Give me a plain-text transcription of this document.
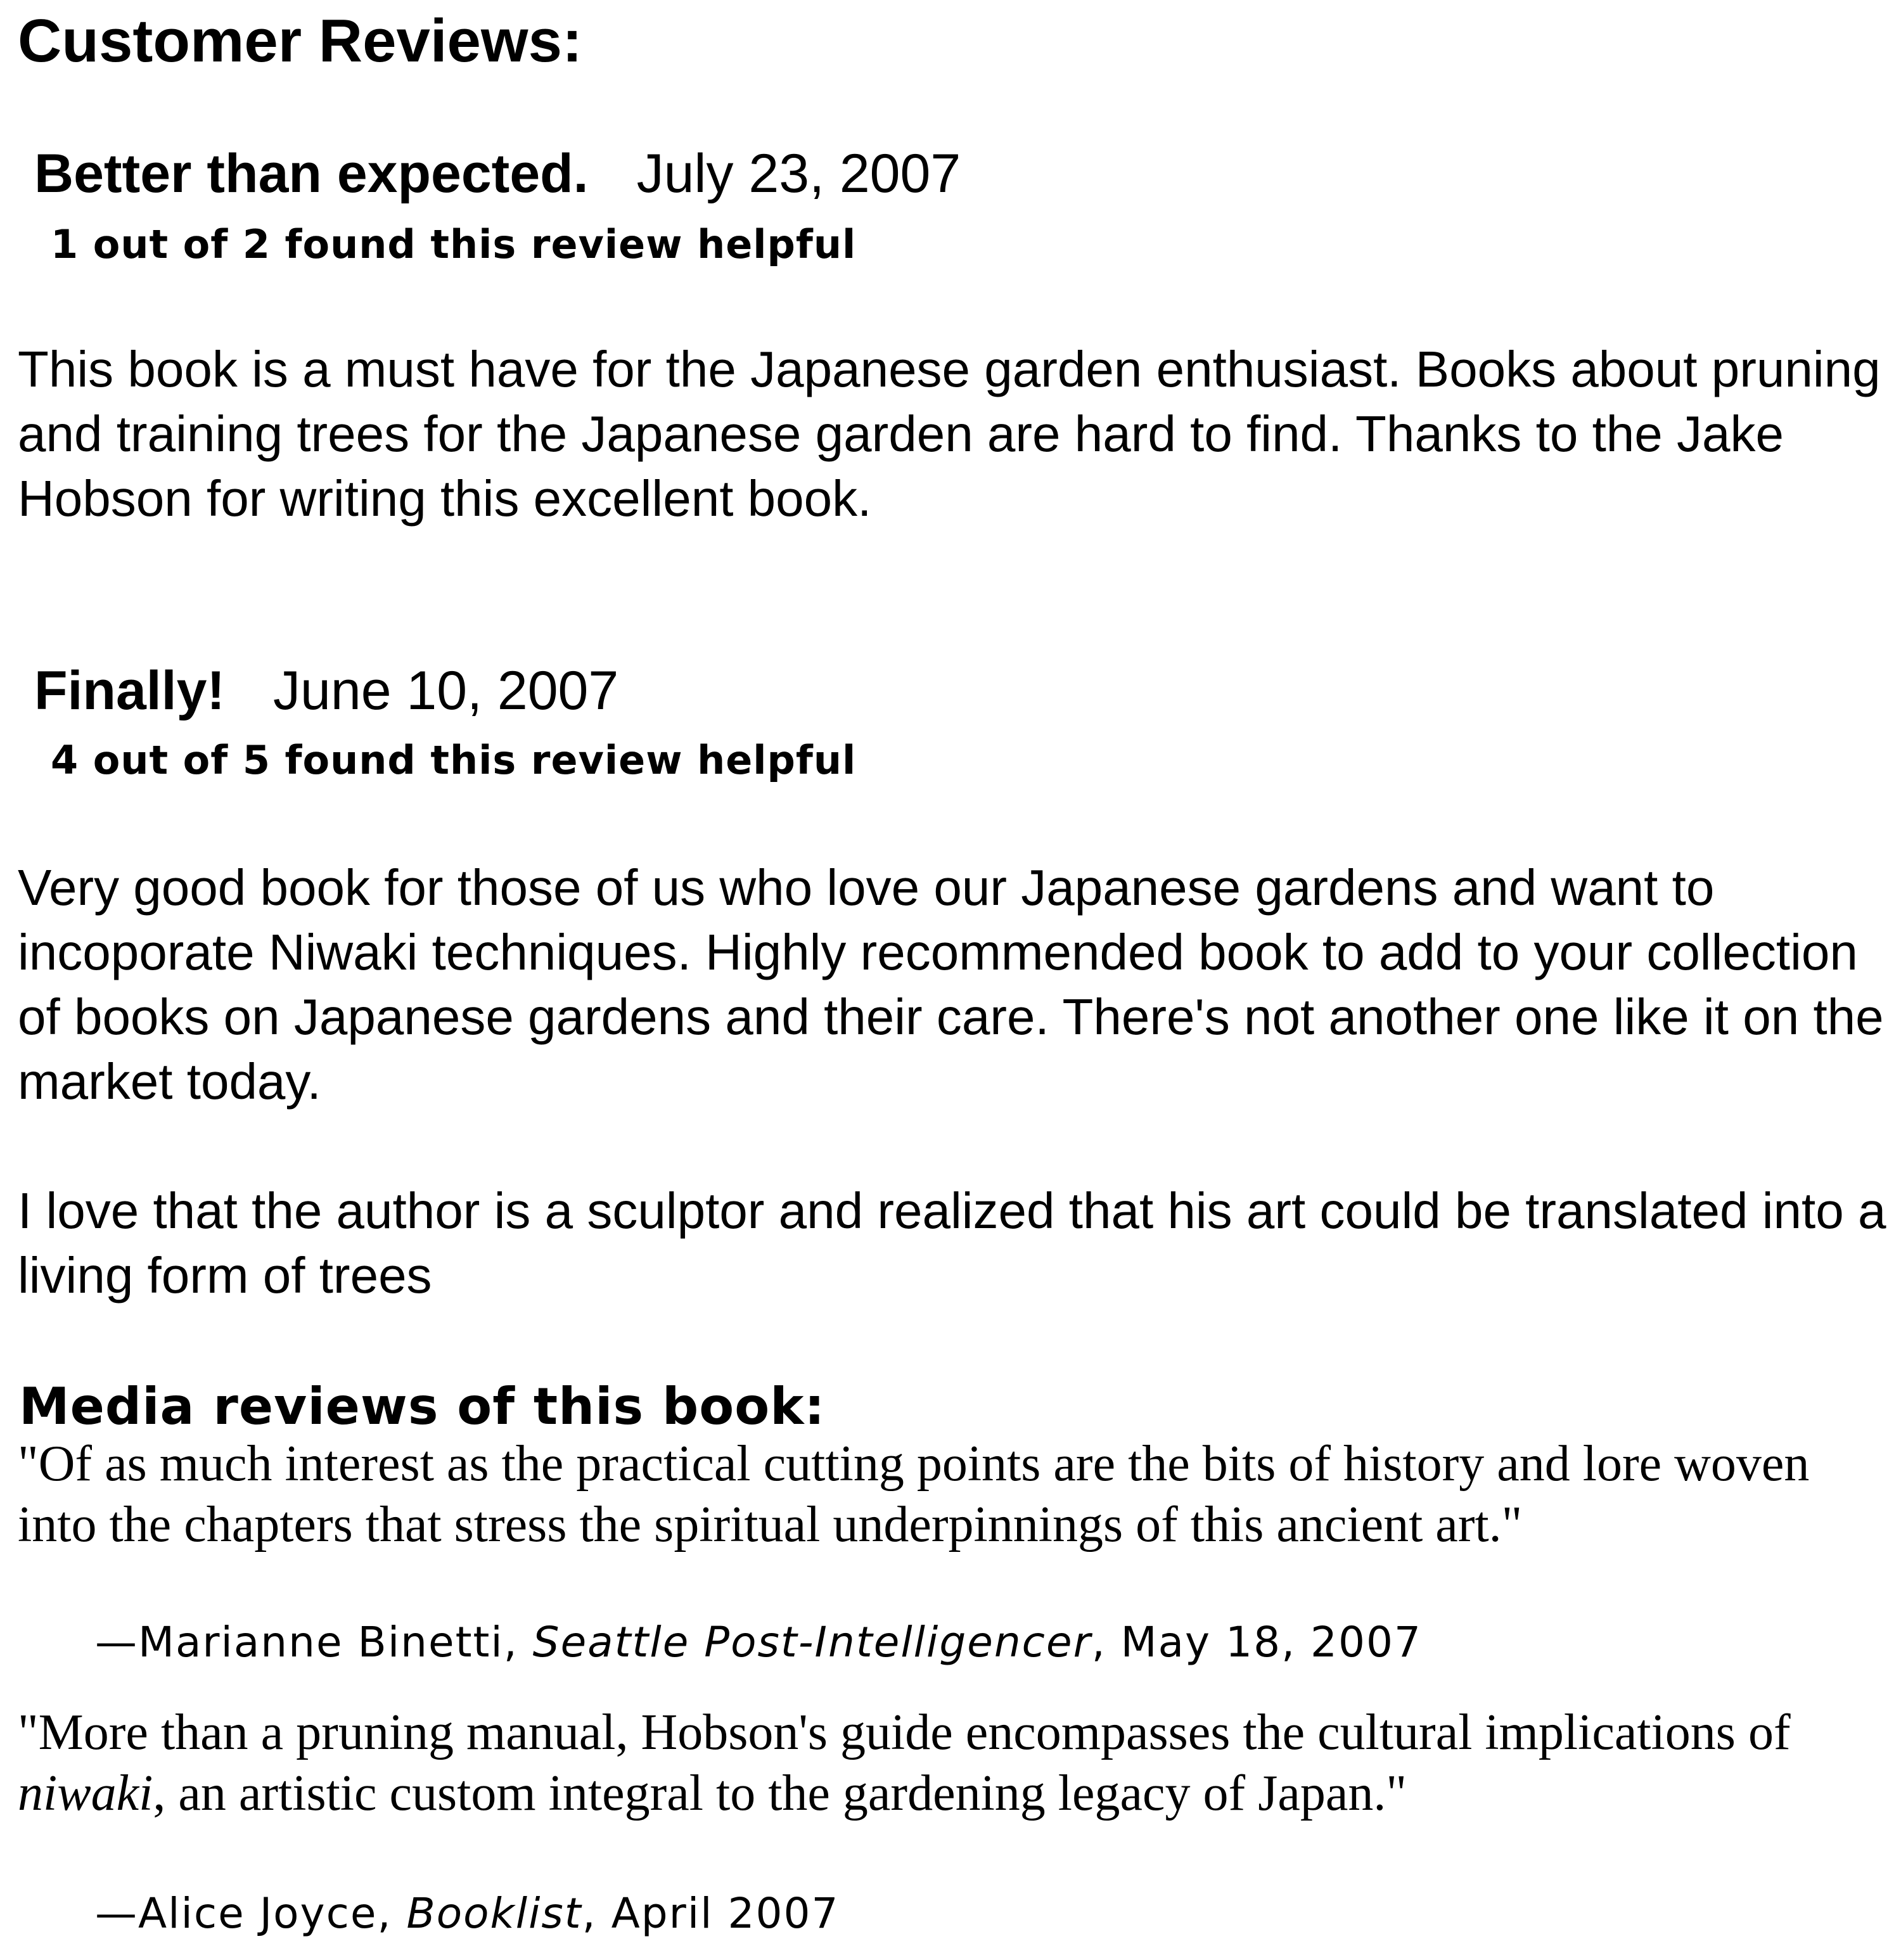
Customer Reviews:
Better than expected. July 23, 2007
1 out of 2 found this review helpful

This book is a must have for the Japanese garden enthusiast. Books about pruning and training trees for the Japanese garden are hard to find. Thanks to the Jake Hobson for writing this excellent book.

Finally! June 10, 2007
4 out of 5 found this review helpful

Very good book for those of us who love our Japanese gardens and want to incoporate Niwaki techniques. Highly recommended book to add to your collection of books on Japanese gardens and their care. There's not another one like it on the market today.

I love that the author is a sculptor and realized that his art could be translated into a living form of trees

Media reviews of this book:

"Of as much interest as the practical cutting points are the bits of history and lore woven into the chapters that stress the spiritual underpinnings of this ancient art."

—Marianne Binetti, Seattle Post-Intelligencer, May 18, 2007

"More than a pruning manual, Hobson's guide encompasses the cultural implications of niwaki, an artistic custom integral to the gardening legacy of Japan."

—Alice Joyce, Booklist, April 2007
